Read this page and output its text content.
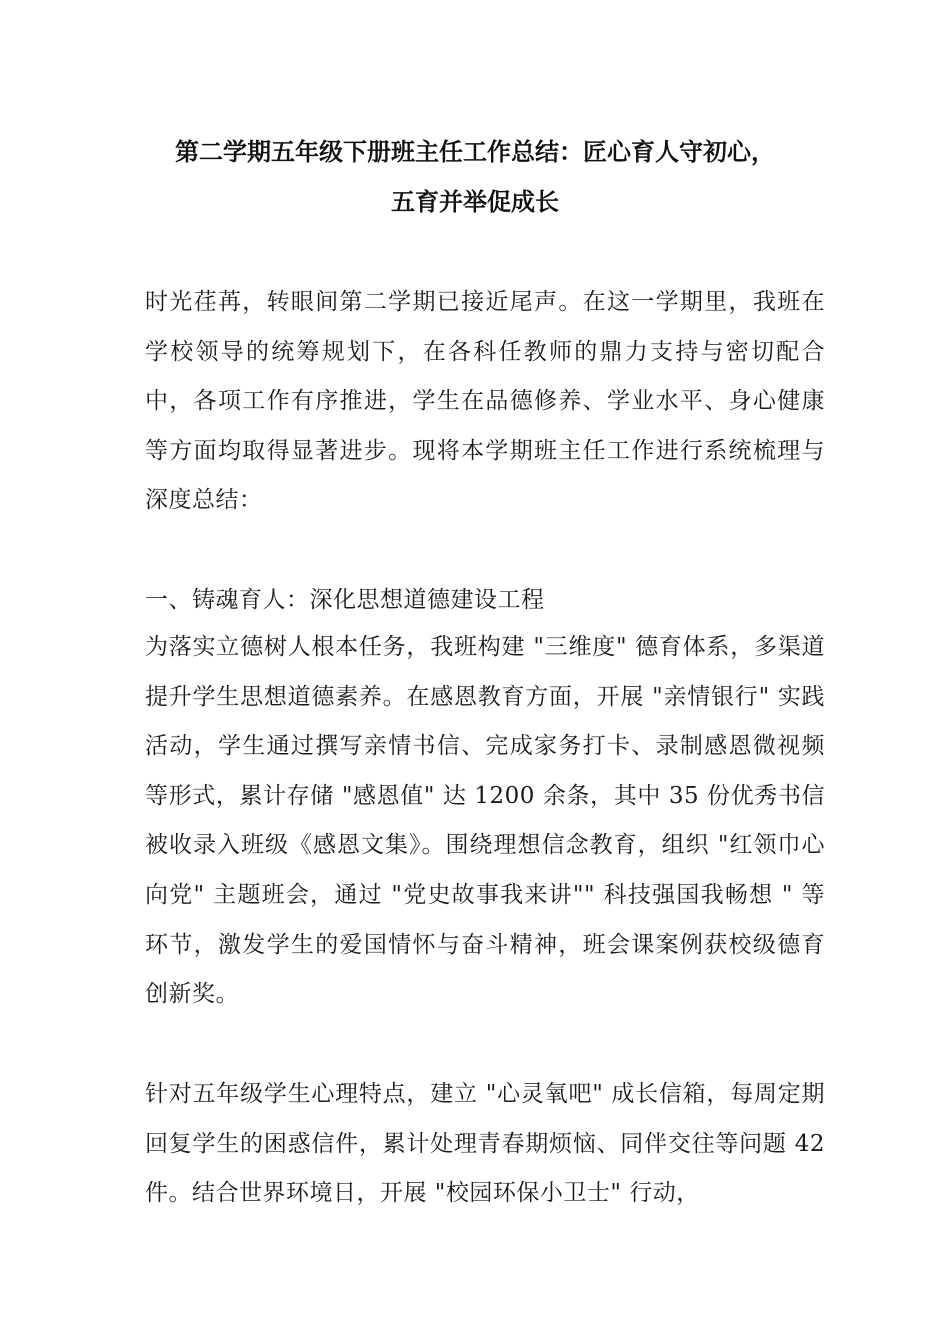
第二学期五年级下册班主任工作总结：匠心育人守初心，
五育并举促成长

时光荏苒，转眼间第二学期已接近尾声。在这一学期里，我班在学校领导的统筹规划下，在各科任教师的鼎力支持与密切配合中，各项工作有序推进，学生在品德修养、学业水平、身心健康等方面均取得显著进步。现将本学期班主任工作进行系统梳理与深度总结：

一、铸魂育人：深化思想道德建设工程

为落实立德树人根本任务，我班构建 "三维度" 德育体系，多渠道提升学生思想道德素养。在感恩教育方面，开展 "亲情银行" 实践活动，学生通过撰写亲情书信、完成家务打卡、录制感恩微视频等形式，累计存储 "感恩值" 达 1200 余条，其中 35 份优秀书信被收录入班级《感恩文集》。围绕理想信念教育，组织 "红领巾心向党" 主题班会，通过 "党史故事我来讲"" 科技强国我畅想 " 等环节，激发学生的爱国情怀与奋斗精神，班会课案例获校级德育创新奖。

针对五年级学生心理特点，建立 "心灵氧吧" 成长信箱，每周定期回复学生的困惑信件，累计处理青春期烦恼、同伴交往等问题 42 件。结合世界环境日，开展 "校园环保小卫士" 行动，
